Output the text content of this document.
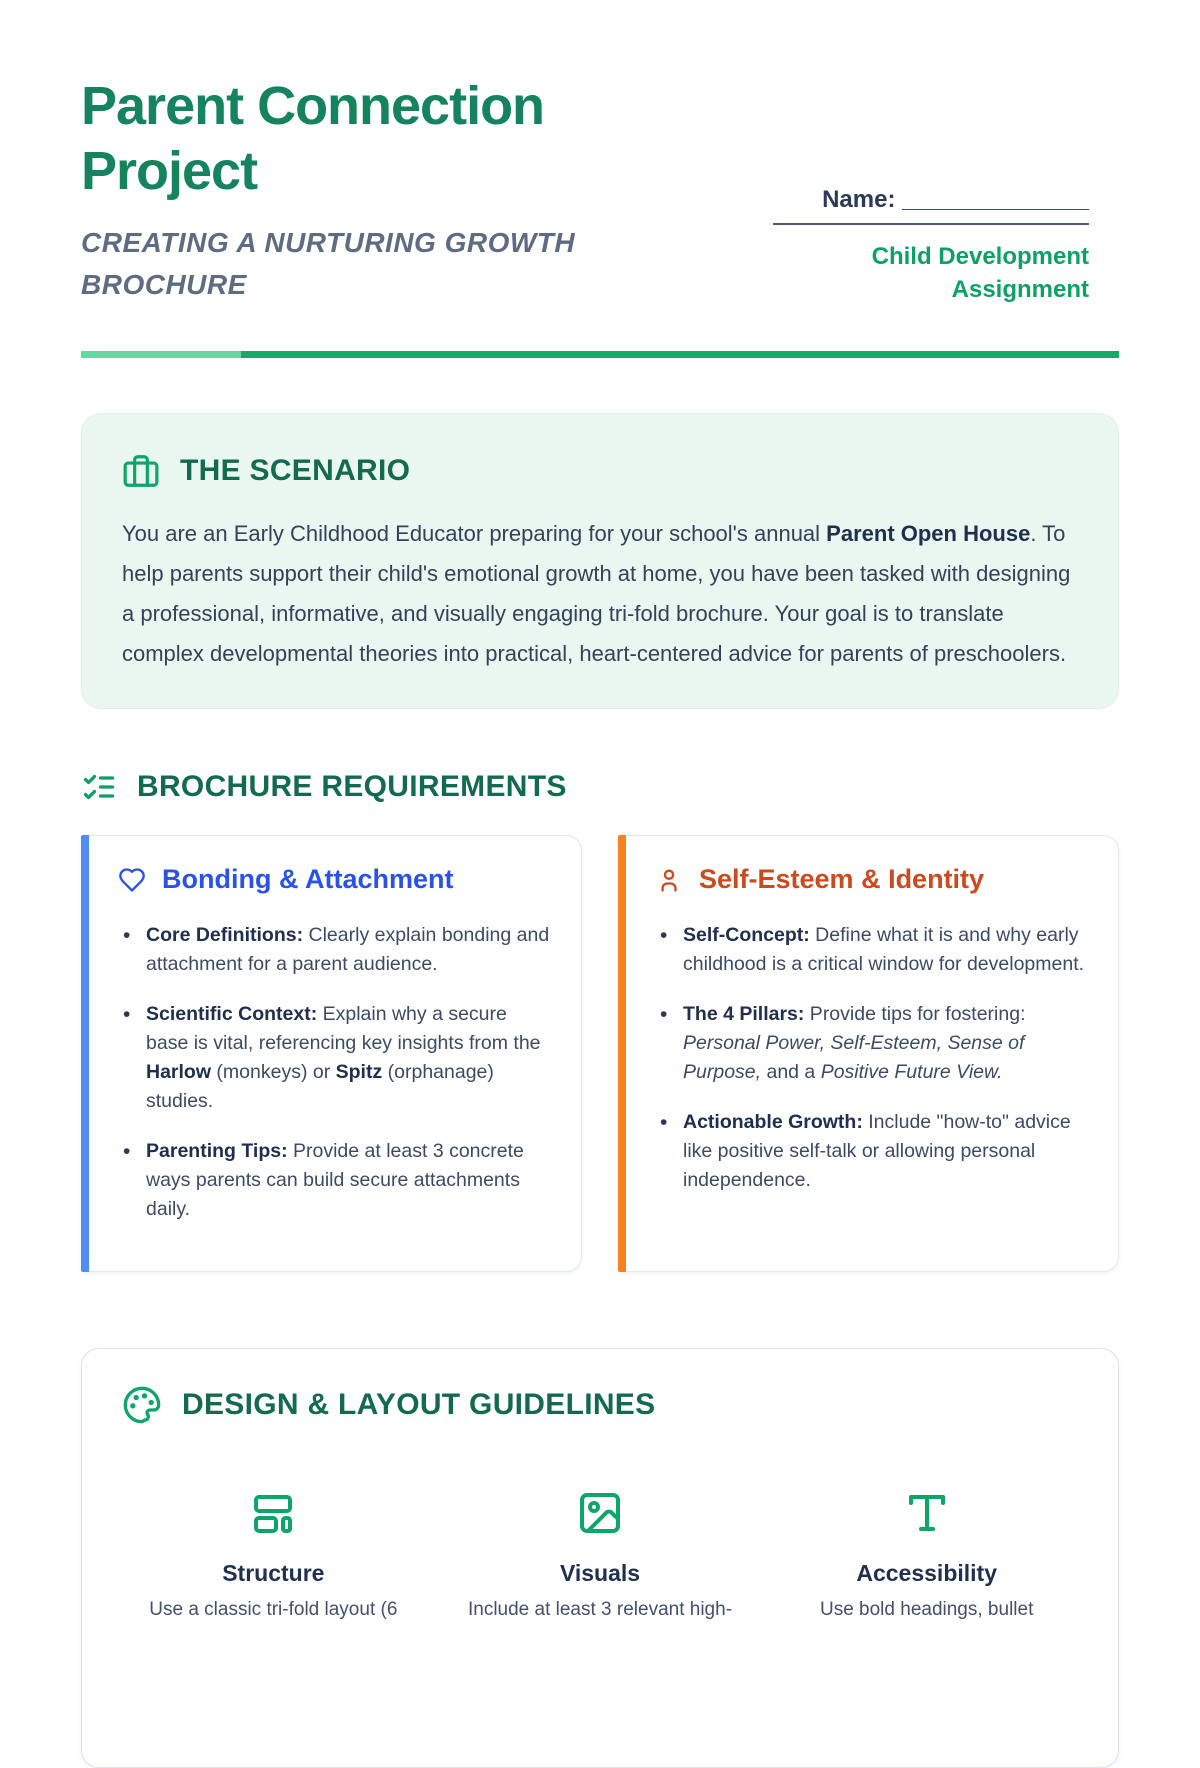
Parent Connection Project
CREATING A NURTURING GROWTH BROCHURE
Name: ______________
Child Development Assignment
THE SCENARIO

You are an Early Childhood Educator preparing for your school's annual Parent Open House. To help parents support their child's emotional growth at home, you have been tasked with designing a professional, informative, and visually engaging tri-fold brochure. Your goal is to translate complex developmental theories into practical, heart-centered advice for parents of preschoolers.

BROCHURE REQUIREMENTS
Bonding & Attachment
• Core Definitions: Clearly explain bonding and attachment for a parent audience.
• Scientific Context: Explain why a secure base is vital, referencing key insights from the Harlow (monkeys) or Spitz (orphanage) studies.
• Parenting Tips: Provide at least 3 concrete ways parents can build secure attachments daily.
Self-Esteem & Identity
• Self-Concept: Define what it is and why early childhood is a critical window for development.
• The 4 Pillars: Provide tips for fostering: Personal Power, Self-Esteem, Sense of Purpose, and a Positive Future View.
• Actionable Growth: Include "how-to" advice like positive self-talk or allowing personal independence.
DESIGN & LAYOUT GUIDELINES
Structure
Use a classic tri-fold layout (6
Visuals
Include at least 3 relevant high-
Accessibility
Use bold headings, bullet
